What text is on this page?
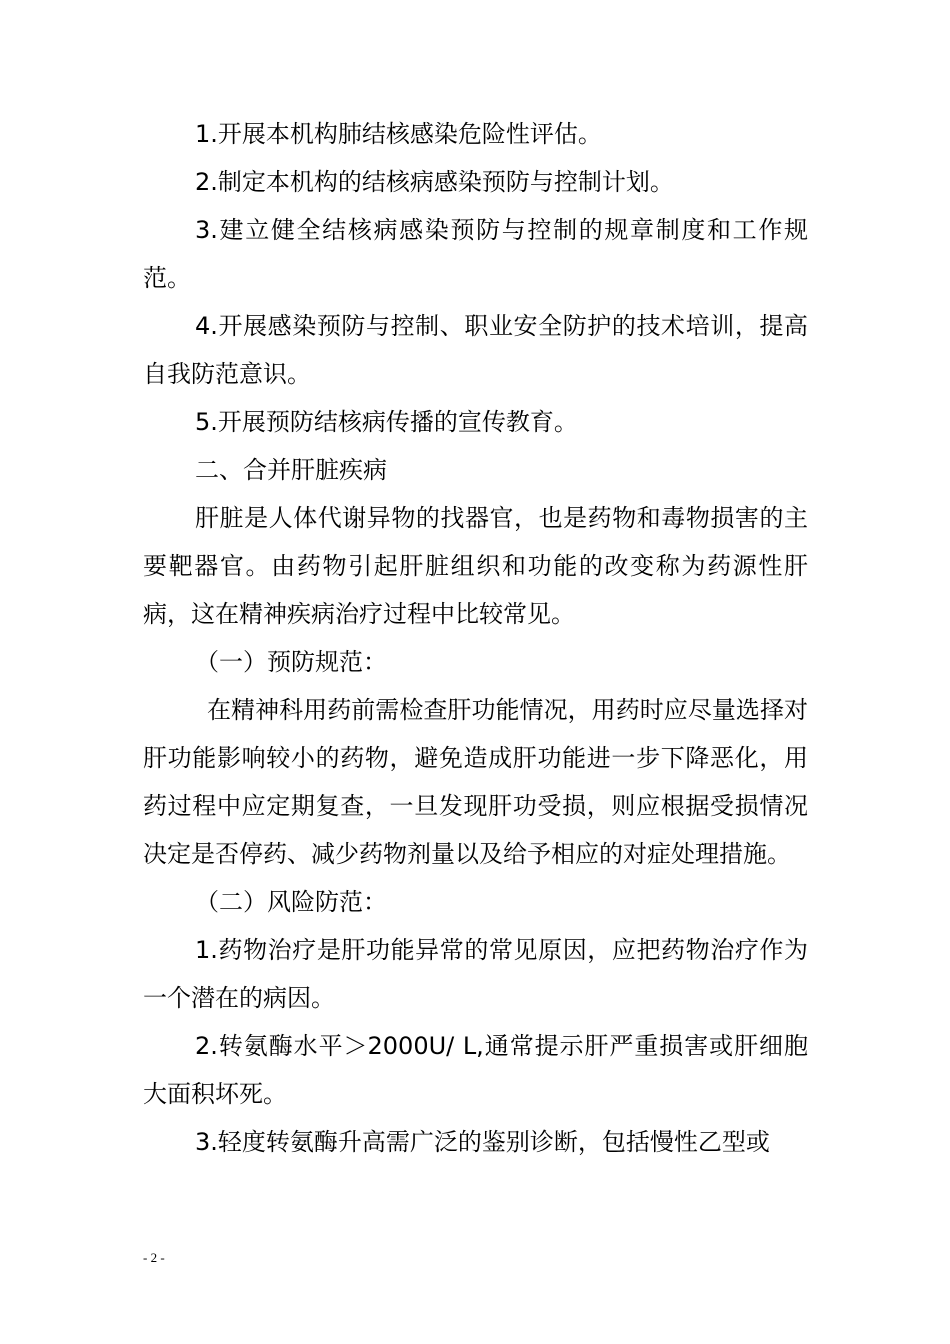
1.开展本机构肺结核感染危险性评估。

2.制定本机构的结核病感染预防与控制计划。

3.建立健全结核病感染预防与控制的规章制度和工作规范。

4.开展感染预防与控制、职业安全防护的技术培训，提高自我防范意识。

5.开展预防结核病传播的宣传教育。

二、合并肝脏疾病

肝脏是人体代谢异物的找器官，也是药物和毒物损害的主要靶器官。由药物引起肝脏组织和功能的改变称为药源性肝病，这在精神疾病治疗过程中比较常见。

（一）预防规范：

在精神科用药前需检查肝功能情况，用药时应尽量选择对肝功能影响较小的药物，避免造成肝功能进一步下降恶化，用药过程中应定期复查，一旦发现肝功受损，则应根据受损情况决定是否停药、减少药物剂量以及给予相应的对症处理措施。

（二）风险防范：

1.药物治疗是肝功能异常的常见原因，应把药物治疗作为一个潜在的病因。

2.转氨酶水平＞2000U/ L,通常提示肝严重损害或肝细胞大面积坏死。

3.轻度转氨酶升高需广泛的鉴别诊断，包括慢性乙型或

- 2 -
